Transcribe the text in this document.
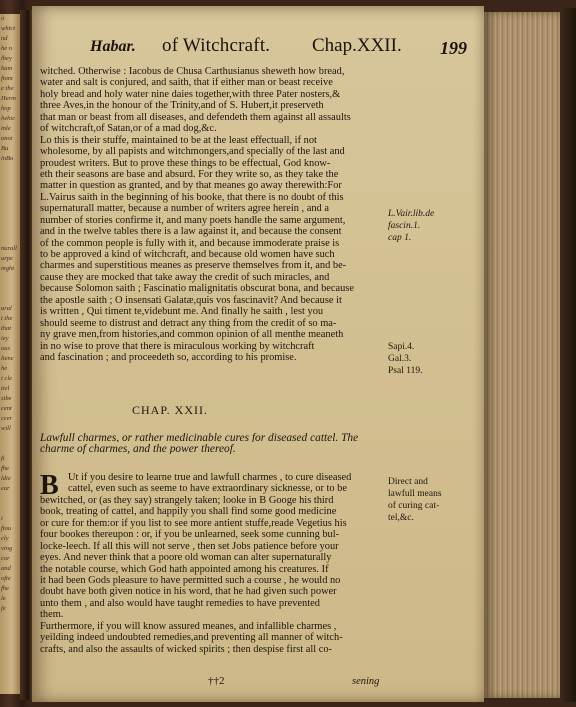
ò
whict
nd
he n
lbey
ham
ftom
e the
Herm
hop
lwhic
inle
onoi
Bu
inBo
nurall
urpe
mght
ural
t the
that
iey
ous
lienc
he
i cle
tiel
sibe
cent
ccer
will
fi
fhe
ldie
ear
i
fiou
cly
ving
cor
and
ofte
fhe
le
fe
Habar. of Witchcraft. Chap.XXII. 199
witched. Otherwise : Iacobus de Chusa Carthusianus sheweth how bread,
water and salt is conjured, and saith, that if either man or beast receive
holy bread and holy water nine daies together,with three Pater nosters,&
three Aves,in the honour of the Trinity,and of S. Hubert,it preserveth
that man or beast from all diseases, and defendeth them against all assaults
of witchcraft,of Satan,or of a mad dog,&c.
Lo this is their stuffe, maintained to be at the least effectuall, if not
wholesome, by all papists and witchmongers,and specially of the last and
proudest writers. But to prove these things to be effectual, God know-
eth their seasons are base and absurd. For they write so, as they take the
matter in question as granted, and by that meanes go away therewith:For
L.Vairus saith in the beginning of his booke, that there is no doubt of this
supernaturall matter, because a number of writers agree herein , and a
number of stories confirme it, and many poets handle the same argument,
and in the twelve tables there is a law against it, and because the consent
of the common people is fully with it, and because immoderate praise is
to be approved a kind of witchcraft, and because old women have such
charmes and superstitious meanes as preserve themselves from it, and be-
cause they are mocked that take away the credit of such miracles, and
because Solomon saith ; Fascinatio malignitatis obscurat bona, and because
the apostle saith ; O insensati Galatæ,quis vos fascinavit? And because it
is written , Qui timent te,videbunt me. And finally he saith , lest you
should seeme to distrust and detract any thing from the credit of so ma-
ny grave men,from histories,and common opinion of all menthe meaneth
in no wise to prove that there is miraculous working by witchcraft
and fascination ; and proceedeth so, according to his promise.
L.Vair.lib.de
fascin.1.
cap 1.
Sapi.4.
Gal.3.
Psal 119.
CHAP. XXII.
Lawfull charmes, or rather medicinable cures for diseased cattel. The
charme of charmes, and the power thereof.
B Ut if you desire to learne true and lawfull charmes , to cure diseased
cattel, even such as seeme to have extraordinary sicknesse, or to be
bewitched, or (as they say) strangely taken; looke in B Googe his third
book, treating of cattel, and happily you shall find some good medicine
or cure for them:or if you list to see more antient stuffe,reade Vegetius his
four bookes thereupon : or, if you be unlearned, seek some cunning bul-
locke-leech. If all this will not serve , then set Jobs patience before your
eyes. And never think that a poore old woman can alter supernaturally
the notable course, which God hath appointed among his creatures. If
it had been Gods pleasure to have permitted such a course , he would no
doubt have both given notice in his word, that he had given such power
unto them , and also would have taught remedies to have prevented
them.
Furthermore, if you will know assured meanes, and infallible charmes ,
yeilding indeed undoubted remedies,and preventing all manner of witch-
crafts, and also the assaults of wicked spirits ; then despise first all co-
Direct and
lawfull means
of curing cat-
tel,&c.
††2	sening
